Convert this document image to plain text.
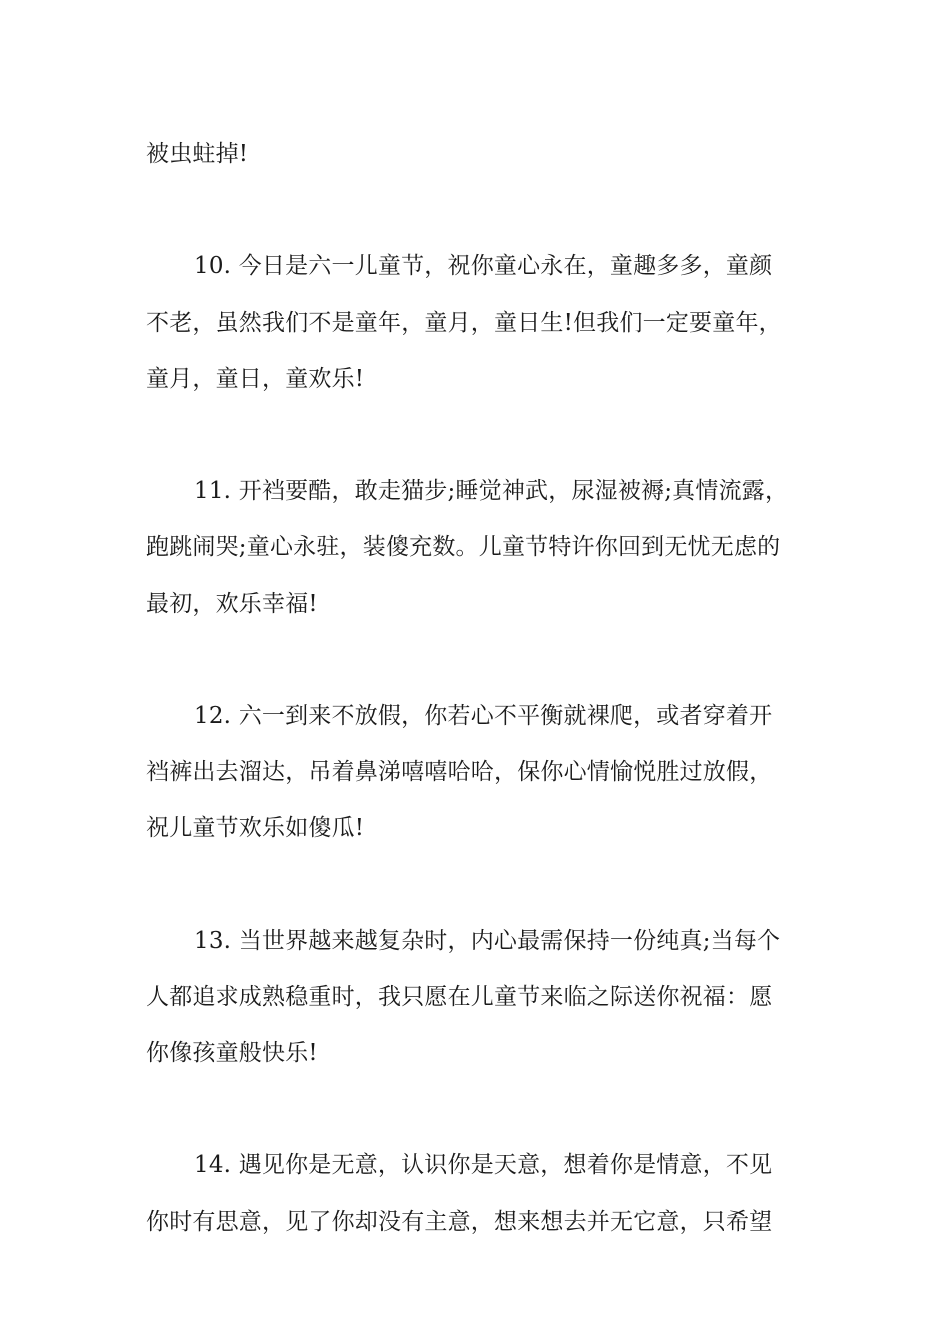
被虫蛀掉!

10. 今日是六一儿童节，祝你童心永在，童趣多多，童颜
不老，虽然我们不是童年，童月，童日生!但我们一定要童年，
童月，童日，童欢乐!

11. 开裆要酷，敢走猫步;睡觉神武，尿湿被褥;真情流露，
跑跳闹哭;童心永驻，装傻充数。儿童节特许你回到无忧无虑的
最初，欢乐幸福!

12. 六一到来不放假，你若心不平衡就裸爬，或者穿着开
裆裤出去溜达，吊着鼻涕嘻嘻哈哈，保你心情愉悦胜过放假，
祝儿童节欢乐如傻瓜!

13. 当世界越来越复杂时，内心最需保持一份纯真;当每个
人都追求成熟稳重时，我只愿在儿童节来临之际送你祝福：愿
你像孩童般快乐!

14. 遇见你是无意，认识你是天意，想着你是情意，不见
你时有思意，见了你却没有主意，想来想去并无它意，只希望
